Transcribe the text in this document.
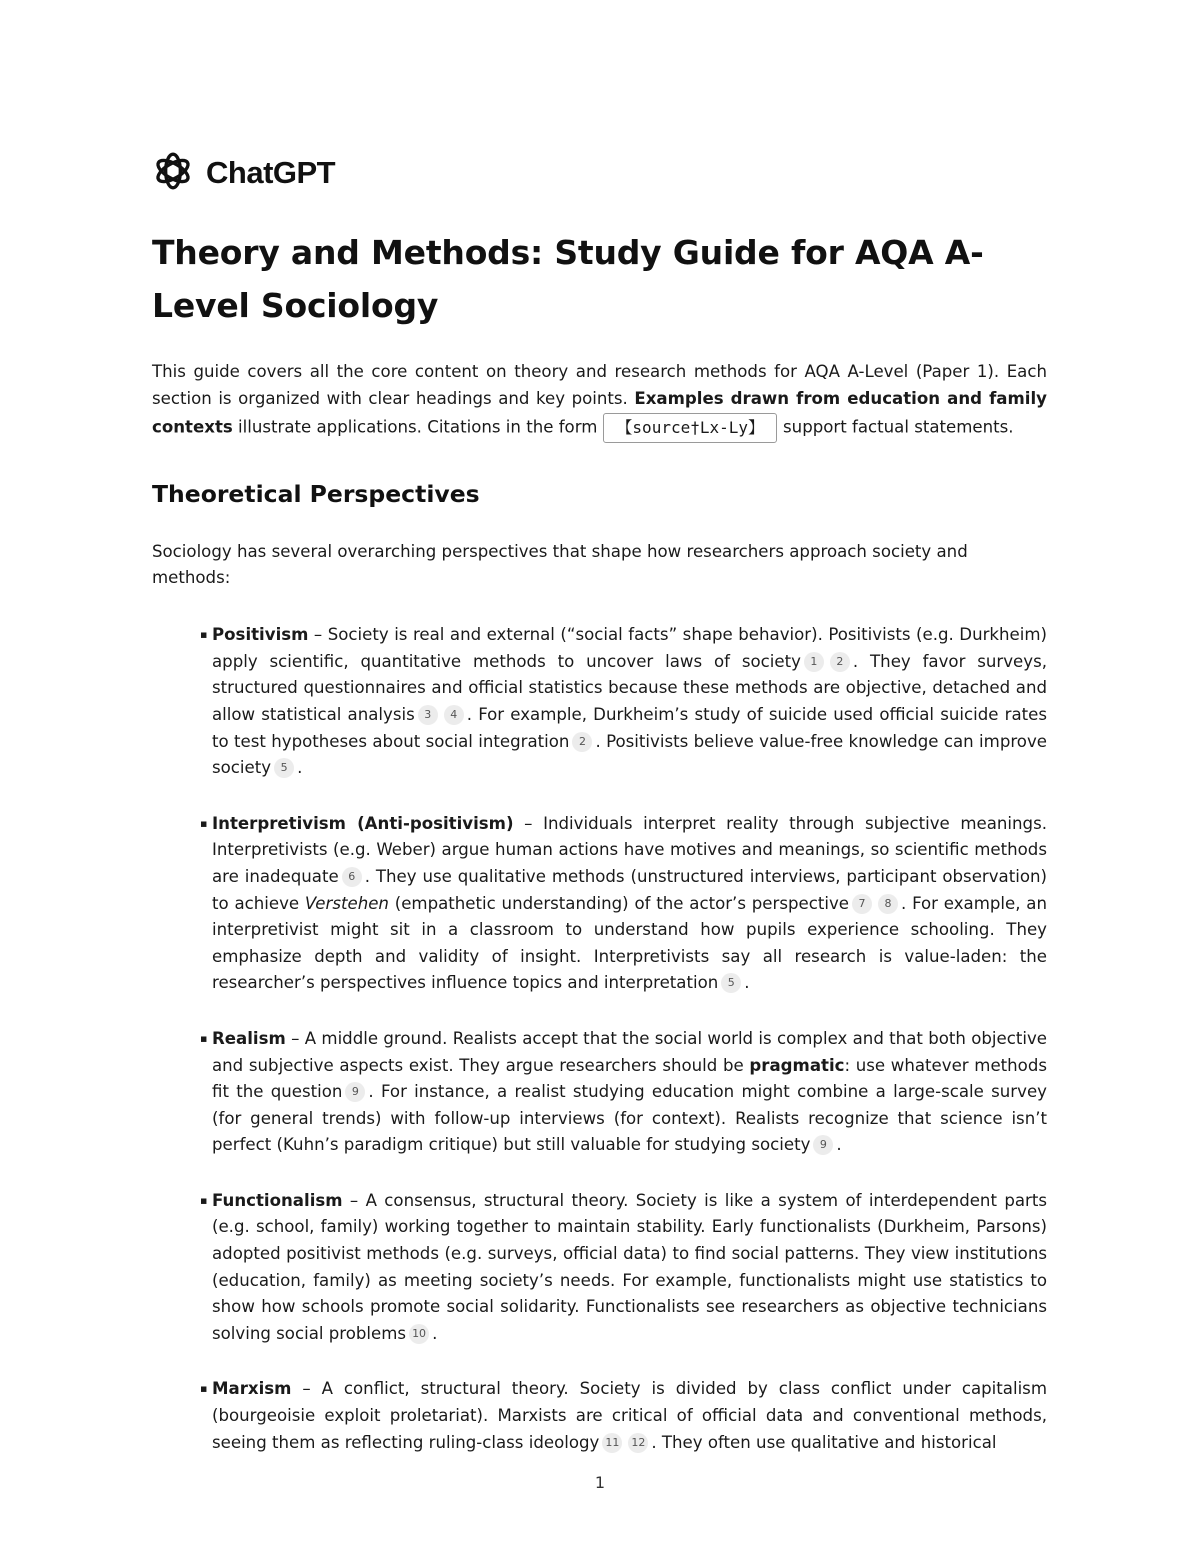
ChatGPT
Theory and Methods: Study Guide for AQA A-Level Sociology

This guide covers all the core content on theory and research methods for AQA A-Level (Paper 1). Each section is organized with clear headings and key points. Examples drawn from education and family contexts illustrate applications. Citations in the form 【source†Lx-Ly】 support factual statements.

Theoretical Perspectives

Sociology has several overarching perspectives that shape how researchers approach society and methods:

▪ Positivism – Society is real and external (“social facts” shape behavior). Positivists (e.g. Durkheim) apply scientific, quantitative methods to uncover laws of society 1 2 . They favor surveys, structured questionnaires and official statistics because these methods are objective, detached and allow statistical analysis 3 4 . For example, Durkheim’s study of suicide used official suicide rates to test hypotheses about social integration 2 . Positivists believe value-free knowledge can improve society 5 .
▪ Interpretivism (Anti-positivism) – Individuals interpret reality through subjective meanings. Interpretivists (e.g. Weber) argue human actions have motives and meanings, so scientific methods are inadequate 6 . They use qualitative methods (unstructured interviews, participant observation) to achieve Verstehen (empathetic understanding) of the actor’s perspective 7 8 . For example, an interpretivist might sit in a classroom to understand how pupils experience schooling. They emphasize depth and validity of insight. Interpretivists say all research is value-laden: the researcher’s perspectives influence topics and interpretation 5 .
▪ Realism – A middle ground. Realists accept that the social world is complex and that both objective and subjective aspects exist. They argue researchers should be pragmatic: use whatever methods fit the question 9 . For instance, a realist studying education might combine a large-scale survey (for general trends) with follow-up interviews (for context). Realists recognize that science isn’t perfect (Kuhn’s paradigm critique) but still valuable for studying society 9 .
▪ Functionalism – A consensus, structural theory. Society is like a system of interdependent parts (e.g. school, family) working together to maintain stability. Early functionalists (Durkheim, Parsons) adopted positivist methods (e.g. surveys, official data) to find social patterns. They view institutions (education, family) as meeting society’s needs. For example, functionalists might use statistics to show how schools promote social solidarity. Functionalists see researchers as objective technicians solving social problems 10 .
▪ Marxism – A conflict, structural theory. Society is divided by class conflict under capitalism (bourgeoisie exploit proletariat). Marxists are critical of official data and conventional methods, seeing them as reflecting ruling-class ideology 11 12 . They often use qualitative and historical
1
